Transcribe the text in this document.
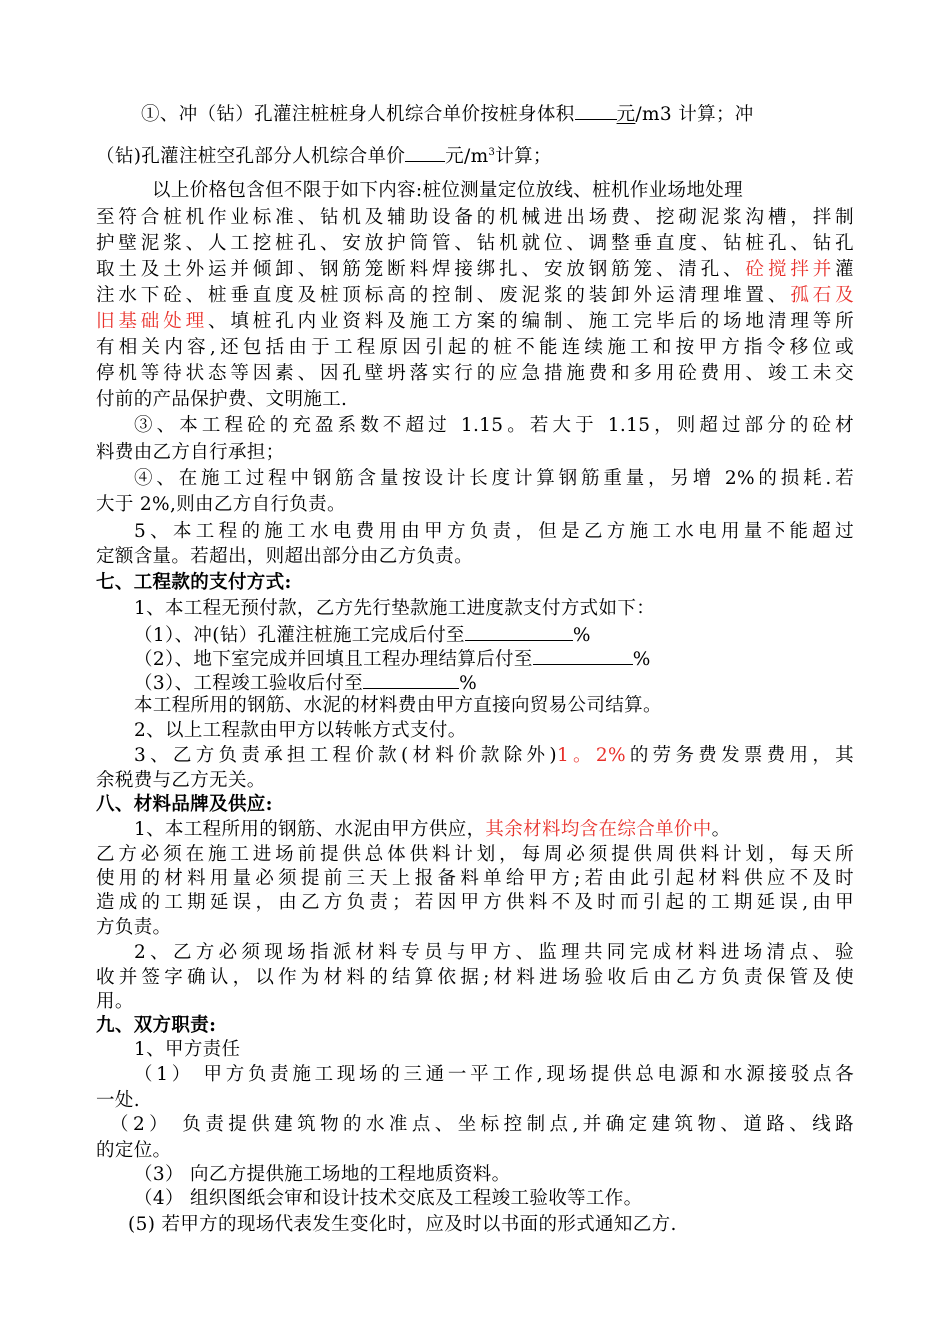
①、冲（钻）孔灌注桩桩身人机综合单价按桩身体积 元/m3 计算；冲
（钻)孔灌注桩空孔部分人机综合单价 元$/m^3$计算；
以上价格包含但不限于如下内容:桩位测量定位放线、桩机作业场地处理
至符合桩机作业标准、钻机及辅助设备的机械进出场费、挖砌泥浆沟槽，拌制
护壁泥浆、人工挖桩孔、安放护筒管、钻机就位、调整垂直度、钻桩孔、钻孔
取土及土外运并倾卸、钢筋笼断料焊接绑扎、安放钢筋笼、清孔、砼搅拌并灌
注水下砼、桩垂直度及桩顶标高的控制、废泥浆的装卸外运清理堆置、孤石及
旧基础处理、填桩孔内业资料及施工方案的编制、施工完毕后的场地清理等所
有相关内容,还包括由于工程原因引起的桩不能连续施工和按甲方指令移位或
停机等待状态等因素、因孔壁坍落实行的应急措施费和多用砼费用、竣工未交
付前的产品保护费、文明施工.
③、本工程砼的充盈系数不超过 1.15。若大于 1.15，则超过部分的砼材
料费由乙方自行承担；
④、在施工过程中钢筋含量按设计长度计算钢筋重量，另增 2%的损耗.若
大于 2%,则由乙方自行负责。
5、本工程的施工水电费用由甲方负责，但是乙方施工水电用量不能超过
定额含量。若超出，则超出部分由乙方负责。
七、工程款的支付方式:
1、本工程无预付款，乙方先行垫款施工进度款支付方式如下：
（1）、冲(钻）孔灌注桩施工完成后付至	%
（2）、地下室完成并回填且工程办理结算后付至	%
（3）、工程竣工验收后付至	%
本工程所用的钢筋、水泥的材料费由甲方直接向贸易公司结算。
2、以上工程款由甲方以转帐方式支付。
3、乙方负责承担工程价款(材料价款除外)1。2%的劳务费发票费用，其
余税费与乙方无关。
八、材料品牌及供应:
1、本工程所用的钢筋、水泥由甲方供应，其余材料均含在综合单价中。
乙方必须在施工进场前提供总体供料计划，每周必须提供周供料计划，每天所
使用的材料用量必须提前三天上报备料单给甲方;若由此引起材料供应不及时
造成的工期延误，由乙方负责；若因甲方供料不及时而引起的工期延误,由甲
方负责。
2、乙方必须现场指派材料专员与甲方、监理共同完成材料进场清点、验
收并签字确认，以作为材料的结算依据;材料进场验收后由乙方负责保管及使
用。
九、双方职责:
1、甲方责任
（1） 甲方负责施工现场的三通一平工作,现场提供总电源和水源接驳点各
一处.
（2） 负责提供建筑物的水准点、坐标控制点,并确定建筑物、道路、线路
的定位。
（3） 向乙方提供施工场地的工程地质资料。
（4） 组织图纸会审和设计技术交底及工程竣工验收等工作。
(5) 若甲方的现场代表发生变化时，应及时以书面的形式通知乙方.
